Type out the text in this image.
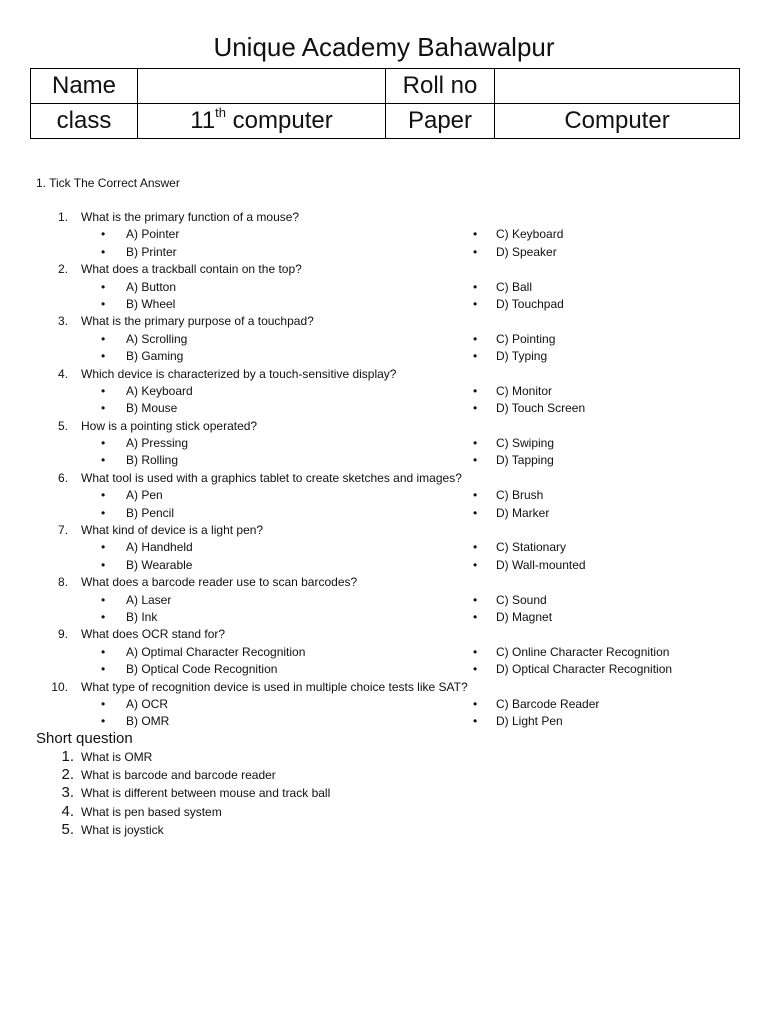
Unique Academy Bahawalpur
Name		Roll no	
class	11th computer	Paper	Computer
1. Tick The Correct Answer
1. What is the primary function of a mouse?
• A) Pointer	• C) Keyboard
• B) Printer	• D) Speaker
2. What does a trackball contain on the top?
• A) Button	• C) Ball
• B) Wheel	• D) Touchpad
3. What is the primary purpose of a touchpad?
• A) Scrolling	• C) Pointing
• B) Gaming	• D) Typing
4. Which device is characterized by a touch-sensitive display?
• A) Keyboard	• C) Monitor
• B) Mouse	• D) Touch Screen
5. How is a pointing stick operated?
• A) Pressing	• C) Swiping
• B) Rolling	• D) Tapping
6. What tool is used with a graphics tablet to create sketches and images?
• A) Pen	• C) Brush
• B) Pencil	• D) Marker
7. What kind of device is a light pen?
• A) Handheld	• C) Stationary
• B) Wearable	• D) Wall-mounted
8. What does a barcode reader use to scan barcodes?
• A) Laser	• C) Sound
• B) Ink	• D) Magnet
9. What does OCR stand for?
• A) Optimal Character Recognition	• C) Online Character Recognition
• B) Optical Code Recognition	• D) Optical Character Recognition
10. What type of recognition device is used in multiple choice tests like SAT?
• A) OCR	• C) Barcode Reader
• B) OMR	• D) Light Pen
Short question
1. What is OMR
2. What is barcode and barcode reader
3. What is different between mouse and track ball
4. What is pen based system
5. What is joystick
